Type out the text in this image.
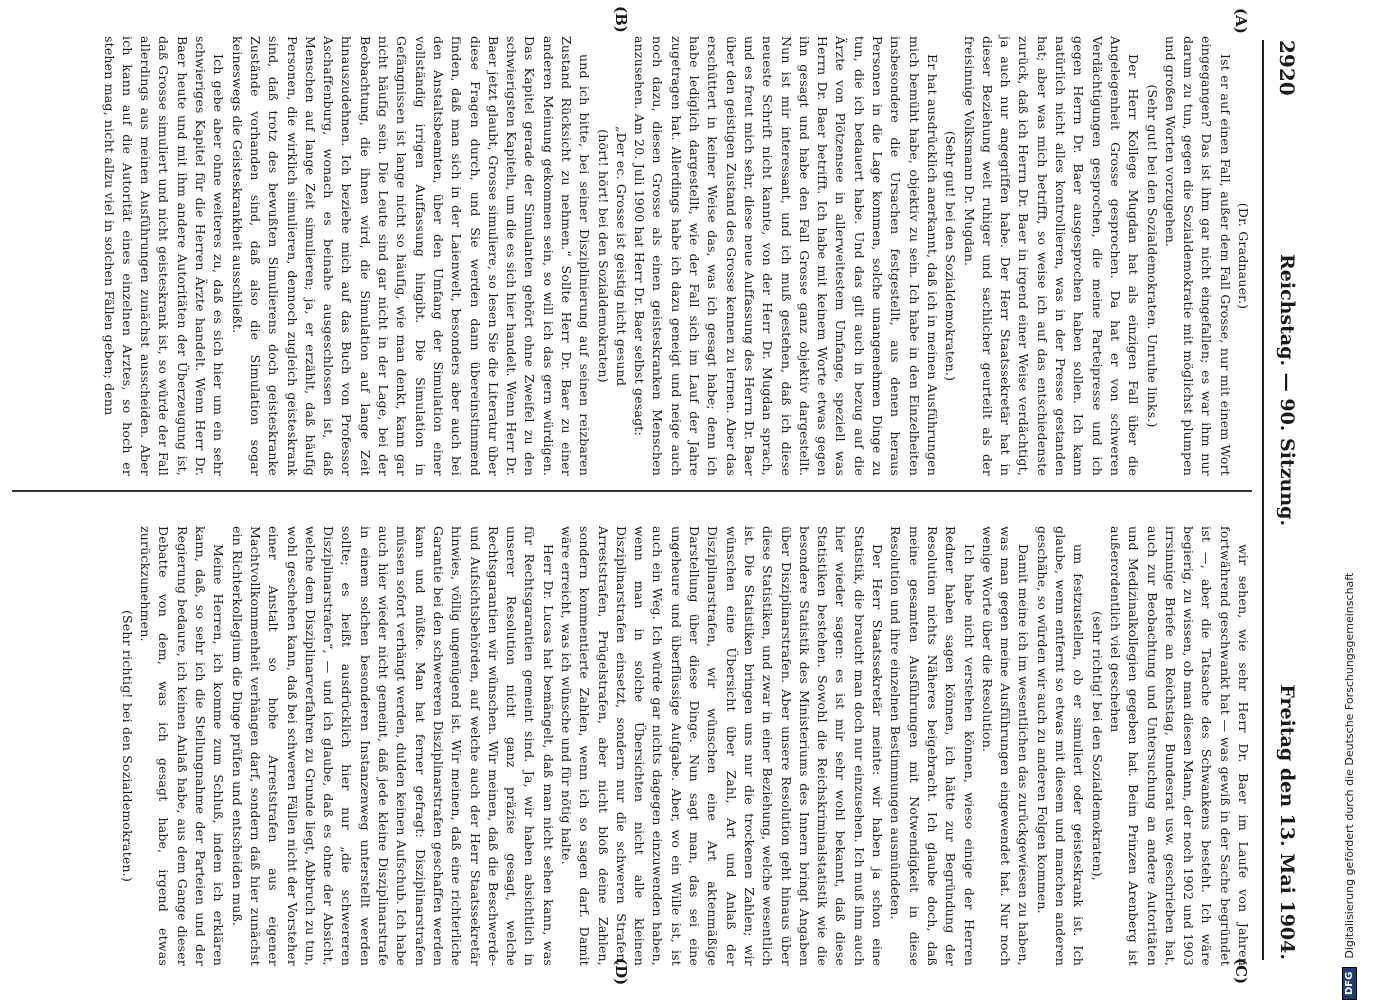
2920
Reichstag. — 90. Sitzung.
Freitag den 13. Mai 1904.
(A)
(B)
(C)
(D)

(Dr. Gradnauer.)

Ist er auf einen Fall, außer dem Fall Grosse, nur mit einem Wort eingegangen? Das ist ihm gar nicht eingefallen; es war ihm nur darum zu tun, gegen die Sozialdemokratie mit möglichst plumpen und großen Worten vorzugehen.

(Sehr gut! bei den Sozialdemokraten. Unruhe links.)

Der Herr Kollege Mugdan hat als einzigen Fall über die Angelegenheit Grosse gesprochen. Da hat er von schweren Verdächtigungen gesprochen, die meine Parteipresse und ich gegen Herrn Dr. Baer ausgesprochen haben sollen. Ich kann natürlich nicht alles kontrollieren, was in der Presse gestanden hat; aber was mich betrifft, so weise ich auf das entschiedenste zurück, daß ich Herrn Dr. Baer in irgend einer Weise verdächtigt, ja auch nur angegriffen habe. Der Herr Staatssekretär hat in dieser Beziehung weit ruhiger und sachlicher geurteilt als der freisinnige Volksmann Dr. Mugdan.

(Sehr gut! bei den Sozialdemokraten.)

Er hat ausdrücklich anerkannt, daß ich in meinen Ausführungen mich bemüht habe, objektiv zu sein. Ich habe in den Einzelheiten insbesondere die Ursachen festgestellt, aus denen heraus Personen in die Lage kommen, solche unangenehmen Dinge zu tun, die ich bedauert habe. Und das gilt auch in bezug auf die Ärzte von Plötzensee in allerweitestem Umfange, speziell was Herrn Dr. Baer betrifft. Ich habe mit keinem Worte etwas gegen ihn gesagt und habe den Fall Grosse ganz objektiv dargestellt. Nun ist mir interessant, und ich muß gestehen, daß ich diese neueste Schrift nicht kannte, von der Herr Dr. Mugdan sprach, und es freut mich sehr, diese neue Auffassung des Herrn Dr. Baer über den geistigen Zustand des Grosse kennen zu lernen. Aber das erschüttert in keiner Weise das, was ich gesagt habe; denn ich habe lediglich dargestellt, wie der Fall sich im Lauf der Jahre zugetragen hat. Allerdings habe ich dazu geneigt und neige auch noch dazu, diesen Grosse als einen geisteskranken Menschen anzusehen. Am 20. Juli 1900 hat Herr Dr. Baer selbst gesagt:

„Der ec. Grosse ist geistig nicht gesund

(hört! hört! bei den Sozialdemokraten)

und ich bitte, bei seiner Disziplinierung auf seinen reizbaren Zustand Rücksicht zu nehmen.“ Sollte Herr Dr. Baer zu einer anderen Meinung gekommen sein, so will ich das gern würdigen. Das Kapitel gerade der Simulanten gehört ohne Zweifel zu den schwierigsten Kapiteln, um die es sich hier handelt. Wenn Herr Dr. Baer jetzt glaubt, Grosse simuliere, so lesen Sie die Literatur über diese Fragen durch, und Sie werden dann übereinstimmend finden, daß man sich in der Laienwelt, besonders aber auch bei den Anstaltsbeamten, über den Umfang der Simulation einer vollständig irrigen Auffassung hingibt. Die Simulation in Gefängnissen ist lange nicht so häufig, wie man denkt, kann gar nicht häufig sein. Die Leute sind gar nicht in der Lage, bei der Beobachtung, die ihnen wird, die Simulation auf lange Zeit hinauszudehnen. Ich beziehe mich auf das Buch von Professor Aschaffenburg, wonach es beinahe ausgeschlossen ist, daß Menschen auf lange Zeit simulieren; ja, er erzählt, daß häufig Personen, die wirklich simulieren, dennoch zugleich geisteskrank sind, daß trotz des bewußten Simulierens doch geisteskranke Zustände vorhanden sind, daß also die Simulation sogar keineswegs die Geisteskrankheit ausschließt.

Ich gebe aber ohne weiteres zu, daß es sich hier um ein sehr schwieriges Kapitel für die Herren Ärzte handelt. Wenn Herr Dr. Baer heute und mit ihm andere Autoritäten der Überzeugung ist, daß Grosse simuliert und nicht geisteskrank ist, so würde der Fall allerdings aus meinen Ausführungen zunächst ausscheiden. Aber ich kann auf die Autorität eines einzelnen Arztes, so hoch er stehen mag, nicht allzu viel in solchen Fällen geben; denn

wir sehen, wie sehr Herr Dr. Baer im Laufe von Jahren fortwährend geschwankt hat — was gewiß in der Sache begründet ist —, aber die Tatsache des Schwankens besteht. Ich wäre begierig, zu wissen, ob man diesen Mann, der noch 1902 und 1903 irrsinnige Briefe an Reichstag, Bundesrat usw. geschrieben hat, auch zur Beobachtung und Untersuchung an andere Autoritäten und Medizinalkollegien gegeben hat. Beim Prinzen Arenberg ist außerordentlich viel geschehen

(sehr richtig! bei den Sozialdemokraten),

um festzustellen, ob er simuliert oder geisteskrank ist. Ich glaube, wenn entfernt so etwas mit diesem und manchen anderen geschähe, so würden wir auch zu anderen Folgen kommen.

Damit meine ich im wesentlichen das zurückgewiesen zu haben, was man gegen meine Ausführungen eingewendet hat. Nur noch wenige Worte über die Resolution.

Ich habe nicht verstehen können, wieso einige der Herren Redner haben sagen können, ich hätte zur Begründung der Resolution nichts Näheres beigebracht. Ich glaube doch, daß meine gesamten Ausführungen mit Notwendigkeit in diese Resolution und ihre einzelnen Bestimmungen ausmündeten.

Der Herr Staatssekretär meinte: wir haben ja schon eine Statistik, die braucht man doch nur einzusehen. Ich muß ihm auch hier wieder sagen: es ist mir sehr wohl bekannt, daß diese Statistiken bestehen. Sowohl die Reichskriminalstatistik wie die besondere Statistik des Ministeriums des Innern bringt Angaben über Disziplinarstrafen. Aber unsere Resolution geht hinaus über diese Statistiken, und zwar in einer Beziehung, welche wesentlich ist. Die Statistiken bringen uns nur die trockenen Zahlen; wir wünschen eine Übersicht über Zahl, Art und Anlaß der Disziplinarstrafen, wir wünschen eine Art aktenmäßige Darstellung über diese Dinge. Nun sagt man, das sei eine ungeheure und überflüssige Aufgabe. Aber, wo ein Wille ist, ist auch ein Weg. Ich würde gar nichts dagegen einzuwenden haben, wenn man in solche Übersichten nicht alle kleinen Disziplinarstrafen einsetzt, sondern nur die schweren Strafen, Arreststrafen, Prügelstrafen, aber nicht bloß deine Zahlen, sondern kommentierte Zahlen, wenn ich so sagen darf. Damit wäre erreicht, was ich wünsche und für nötig halte.

Herr Dr. Lucas hat bemängelt, daß man nicht sehen kann, was für Rechtsgarantien gemeint sind. Ja, wir haben absichtlich in unserer Resolution nicht ganz präzise gesagt, welche Rechtsgarantien wir wünschen. Wir meinen, daß die Beschwerde- und Aufsichtsbehörden, auf welche auch der Herr Staatssekretär hinwies, völlig ungenügend ist. Wir meinen, daß eine richterliche Garantie bei den schwereren Disziplinarstrafen geschaffen werden kann und müßte. Man hat ferner gefragt: Disziplinarstrafen müssen sofort verhängt werden, dulden keinen Aufschub. Ich habe auch hier wieder nicht gemeint, daß jede kleine Disziplinarstrafe in einem solchen besonderen Instanzenweg unterstellt werden sollte; es heißt ausdrücklich hier nur „die schwereren Disziplinarstrafen“, — und ich glaube, daß es ohne der Absicht, welche dem Disziplinarverfahren zu Grunde liegt, Abbruch zu tun, wohl geschehen kann, daß bei schweren Fällen nicht der Vorsteher einer Anstalt so hohe Arreststrafen aus eigener Machtvollkommenheit verhängen darf, sondern daß hier zunächst ein Richterkollegium die Dinge prüfen und entscheiden muß.

Meine Herren, ich komme zum Schluß, indem ich erklären kann, daß, so sehr ich die Stellungnahme der Parteien und der Regierung bedaure, ich keinen Anlaß habe, aus dem Gange dieser Debatte von dem, was ich gesagt habe, irgend etwas zurückzunehmen.

(Sehr richtig! bei den Sozialdemokraten.)

DFG
Digitalisierung gefördert durch die Deutsche Forschungsgemeinschaft
